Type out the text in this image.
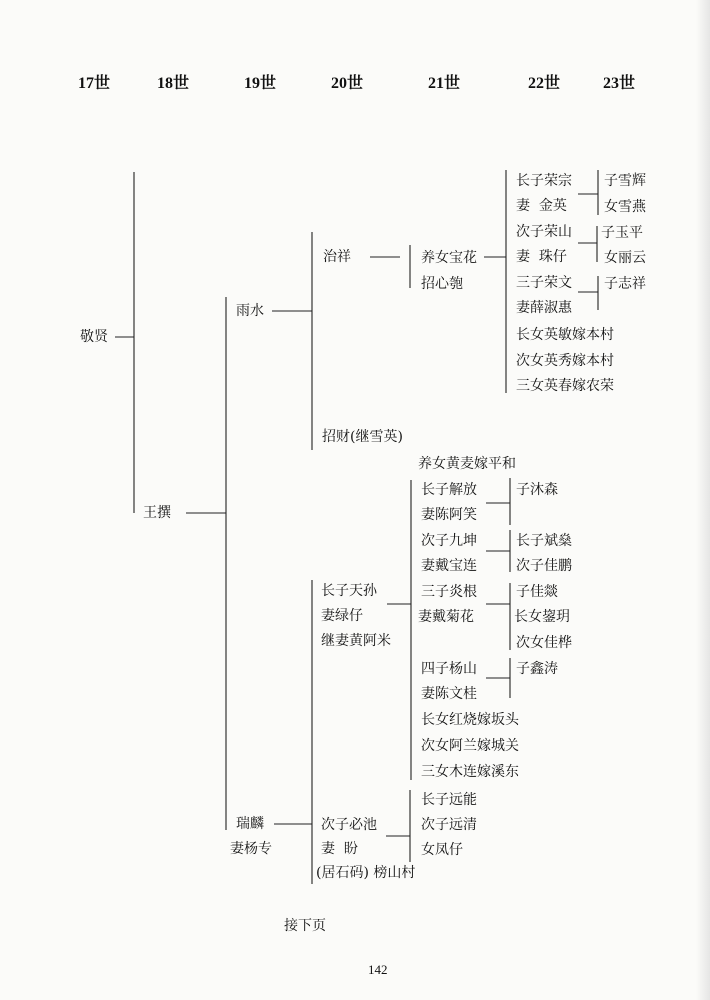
17世	18世	19世	20世	21世	22世	23世
敬贤
王撰
雨水
瑞麟
妻杨专
治祥
招财(继雪英)
长子天孙
妻绿仔
继妻黄阿米
次子必池
妻  盼
(居石码) 榜山村
养女宝花
招心匏
长子荣宗
妻  金英
次子荣山
妻  珠仔
三子荣文
妻薛淑惠
长女英敏嫁本村
次女英秀嫁本村
三女英春嫁农荣
子雪辉
女雪燕
子玉平
女丽云
子志祥
养女黄麦嫁平和
长子解放
妻陈阿笑
次子九坤
妻戴宝连
三子炎根
妻戴菊花
四子杨山
妻陈文桂
长女红烧嫁坂头
次女阿兰嫁城关
三女木连嫁溪东
子沐森
长子斌燊
次子佳鹏
子佳燚
长女鋆玥
次女佳桦
子鑫涛
长子远能
次子远清
女凤仔
接下页
142
